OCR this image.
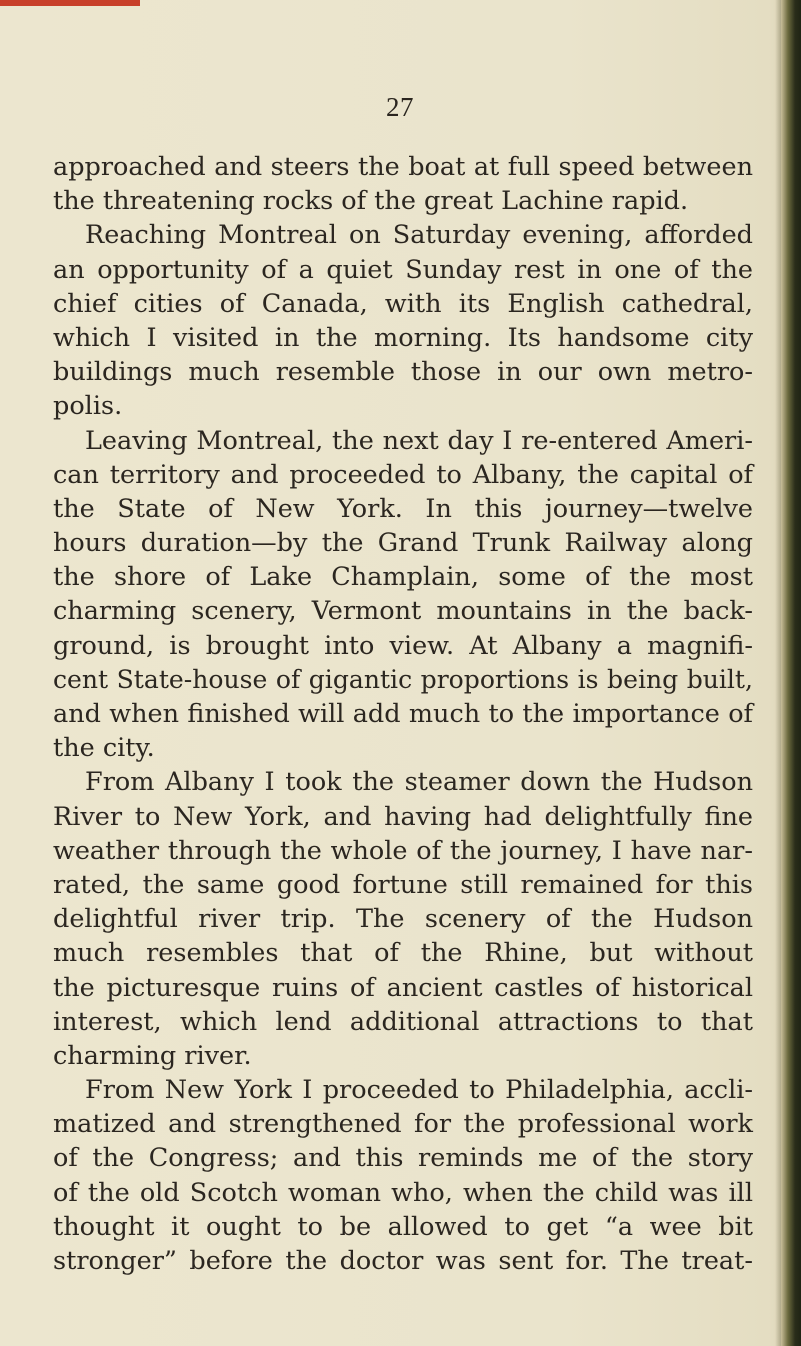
27
approached and steers the boat at full speed between
the threatening rocks of the great Lachine rapid.
Reaching Montreal on Saturday evening, afforded
an opportunity of a quiet Sunday rest in one of the
chief cities of Canada, with its English cathedral,
which I visited in the morning. Its handsome city
buildings much resemble those in our own metro-
polis.
Leaving Montreal, the next day I re-entered Ameri-
can territory and proceeded to Albany, the capital of
the State of New York. In this journey—twelve
hours duration—by the Grand Trunk Railway along
the shore of Lake Champlain, some of the most
charming scenery, Vermont mountains in the back-
ground, is brought into view. At Albany a magnifi-
cent State-house of gigantic proportions is being built,
and when finished will add much to the importance of
the city.
From Albany I took the steamer down the Hudson
River to New York, and having had delightfully fine
weather through the whole of the journey, I have nar-
rated, the same good fortune still remained for this
delightful river trip. The scenery of the Hudson
much resembles that of the Rhine, but without
the picturesque ruins of ancient castles of historical
interest, which lend additional attractions to that
charming river.
From New York I proceeded to Philadelphia, accli-
matized and strengthened for the professional work
of the Congress; and this reminds me of the story
of the old Scotch woman who, when the child was ill
thought it ought to be allowed to get “a wee bit
stronger” before the doctor was sent for. The treat-
